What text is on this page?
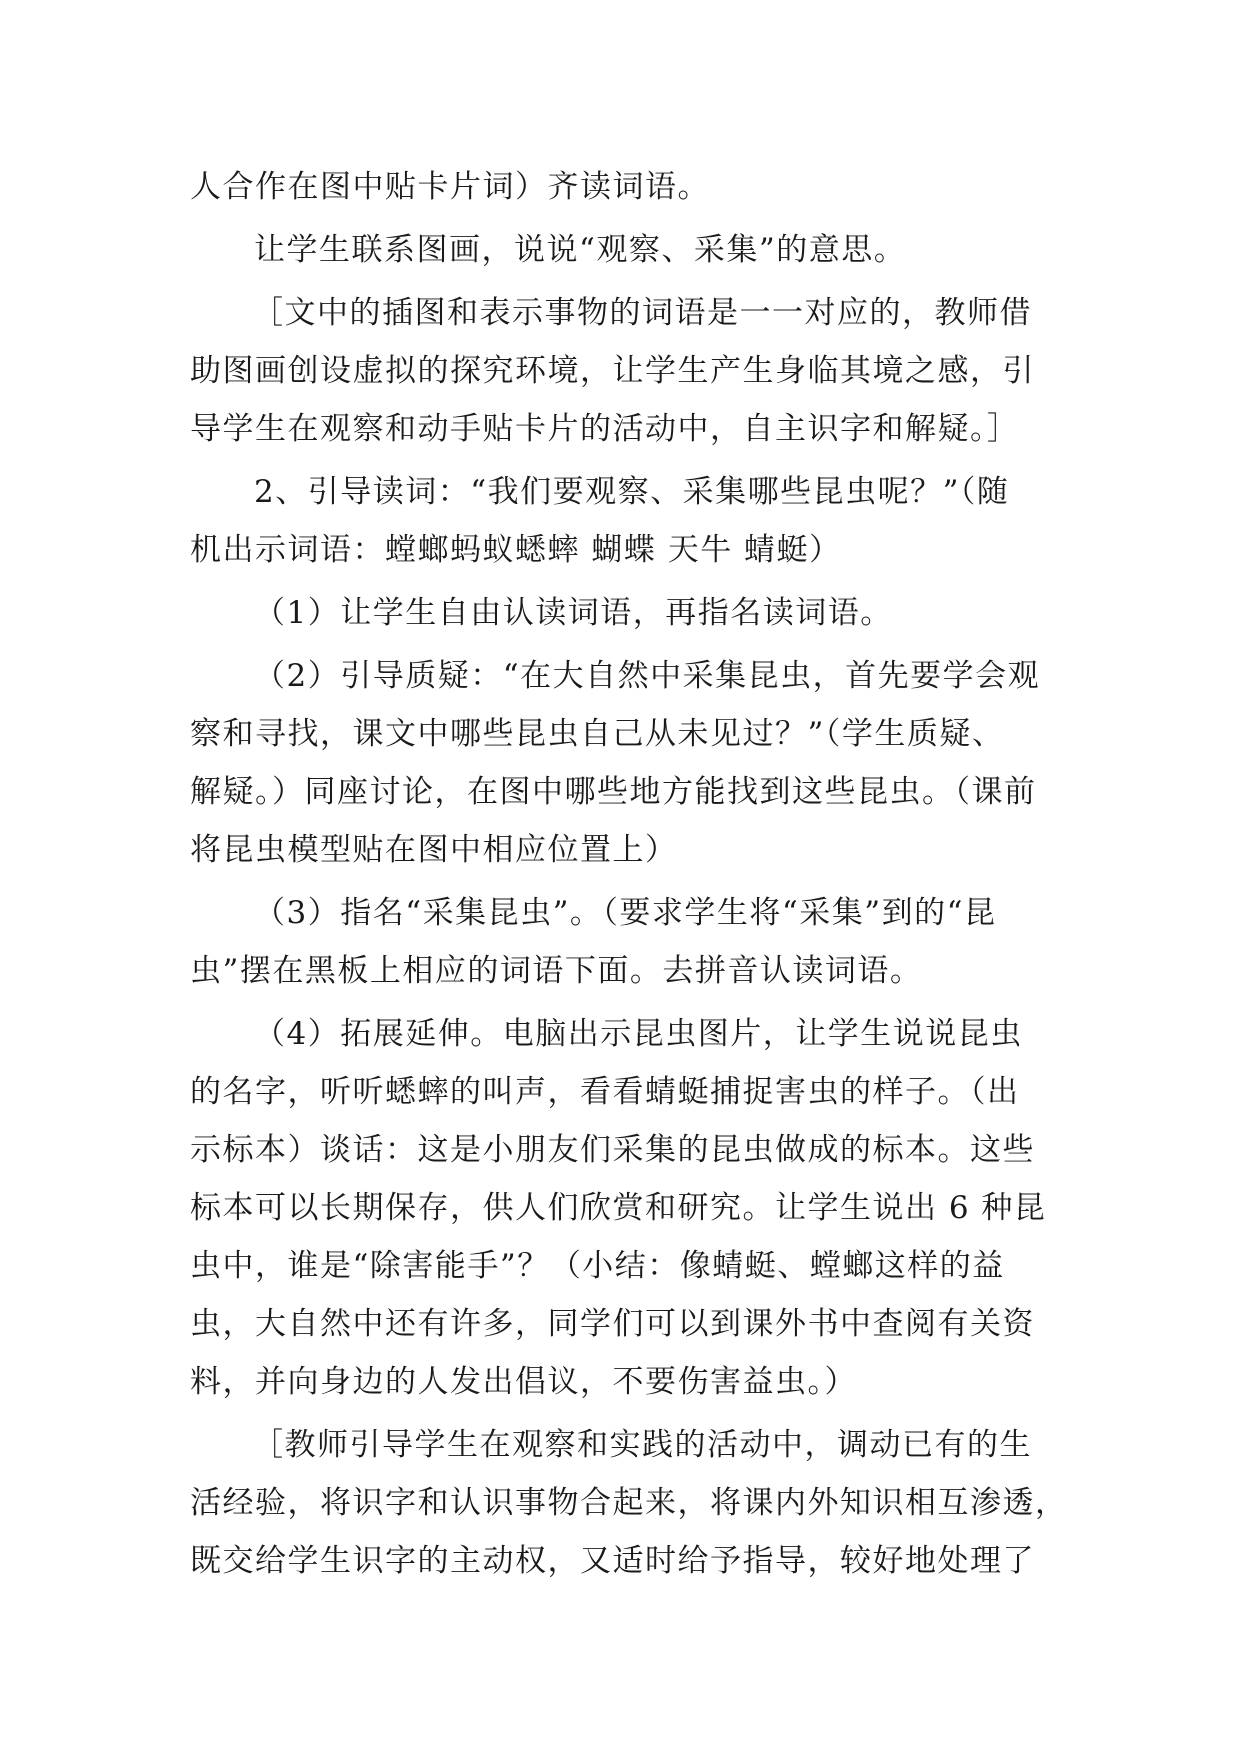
人合作在图中贴卡片词）齐读词语。
让学生联系图画，说说“观察、采集”的意思。
［文中的插图和表示事物的词语是一一对应的，教师借
助图画创设虚拟的探究环境，让学生产生身临其境之感，引
导学生在观察和动手贴卡片的活动中，自主识字和解疑。］
2、引导读词：“我们要观察、采集哪些昆虫呢？”（随
机出示词语：螳螂蚂蚁蟋蟀 蝴蝶 天牛 蜻蜓）
（1）让学生自由认读词语，再指名读词语。
（2）引导质疑：“在大自然中采集昆虫，首先要学会观
察和寻找，课文中哪些昆虫自己从未见过？”（学生质疑、
解疑。）同座讨论，在图中哪些地方能找到这些昆虫。（课前
将昆虫模型贴在图中相应位置上）
（3）指名“采集昆虫”。（要求学生将“采集”到的“昆
虫”摆在黑板上相应的词语下面。去拼音认读词语。
（4）拓展延伸。电脑出示昆虫图片，让学生说说昆虫
的名字，听听蟋蟀的叫声，看看蜻蜓捕捉害虫的样子。（出
示标本）谈话：这是小朋友们采集的昆虫做成的标本。这些
标本可以长期保存，供人们欣赏和研究。让学生说出 6 种昆
虫中，谁是“除害能手”？（小结：像蜻蜓、螳螂这样的益
虫，大自然中还有许多，同学们可以到课外书中查阅有关资
料，并向身边的人发出倡议，不要伤害益虫。）
［教师引导学生在观察和实践的活动中，调动已有的生
活经验，将识字和认识事物合起来，将课内外知识相互渗透，
既交给学生识字的主动权，又适时给予指导，较好地处理了
